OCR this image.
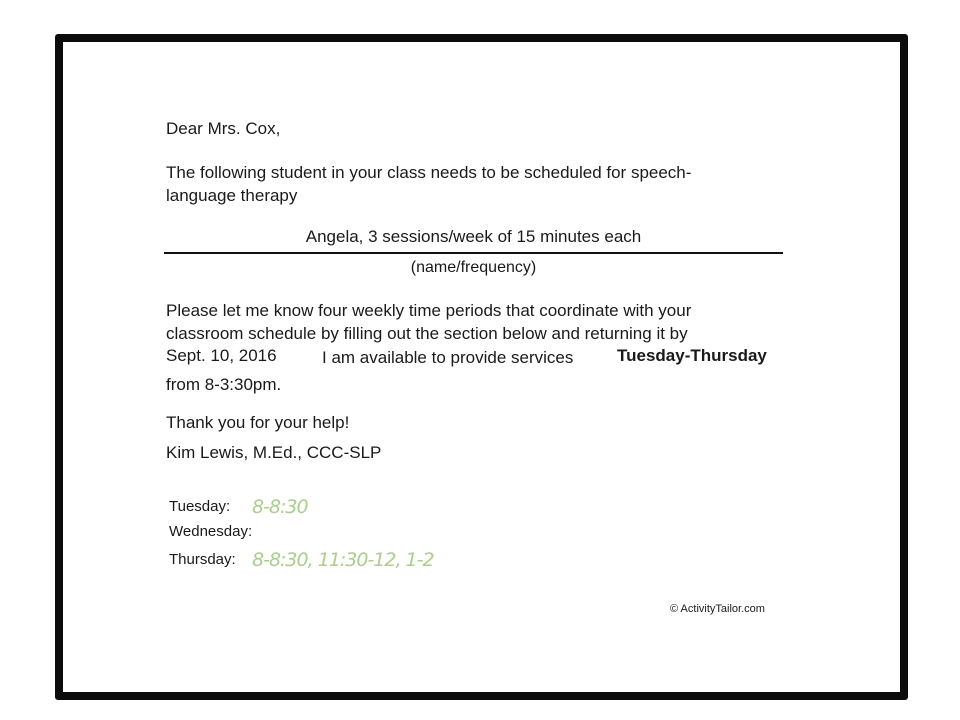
Dear Mrs. Cox,

The following student in your class needs to be scheduled for speech-

language therapy

Angela, 3 sessions/week of 15 minutes each
(name/frequency)

Please let me know four weekly time periods that coordinate with your

classroom schedule by filling out the section below and returning it by

Sept. 10, 2016	I am available to provide services	Tuesday-Thursday

from 8-3:30pm.

Thank you for your help!

Kim Lewis, M.Ed., CCC-SLP

Tuesday: 8-8:30

Wednesday:

Thursday: 8-8:30, 11:30-12, 1-2
© ActivityTailor.com
